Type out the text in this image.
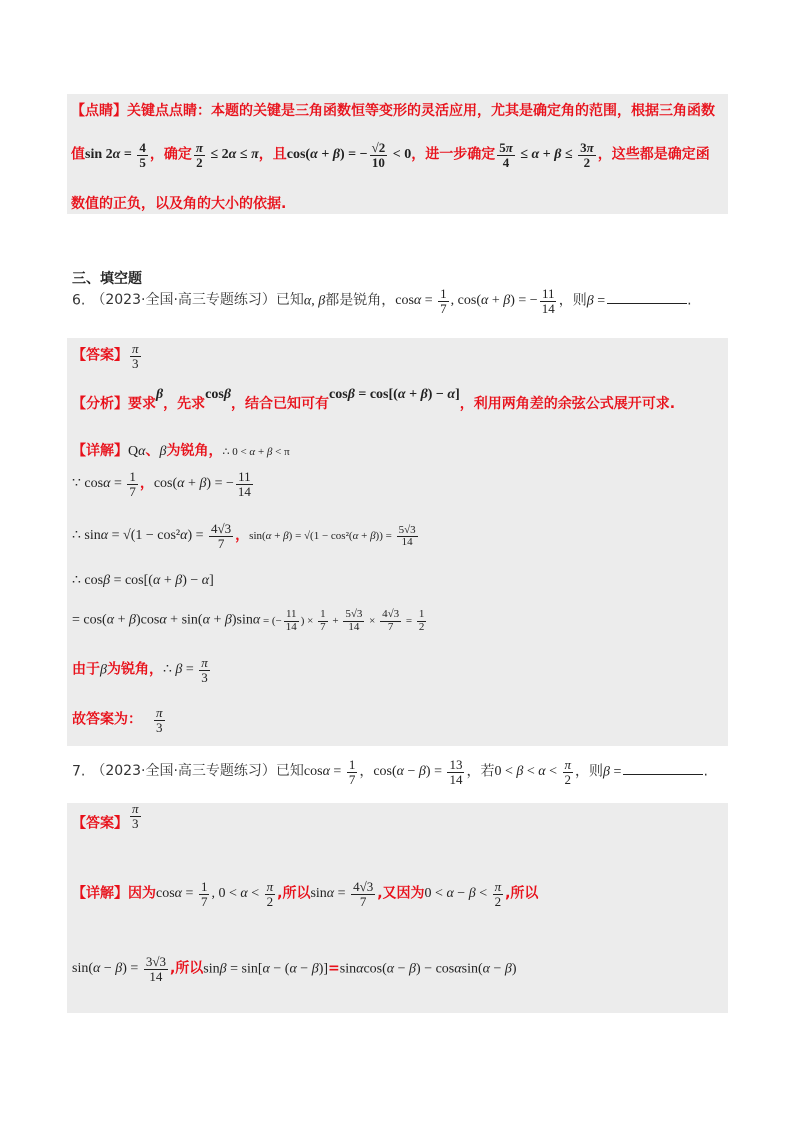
【点睛】关键点点睛：本题的关键是三角函数恒等变形的灵活应用，尤其是确定角的范围，根据三角函数
值$\sin 2\alpha = \frac{4}{5}$ ，确定 $\frac{\pi}{2} \le 2\alpha \le \pi$，且cos(α + β) = − $\frac{√2}{10} < 0$，进一步确定 $\frac{5\pi}{4} \le \alpha + \beta \le \frac{3\pi}{2}$ ，这些都是确定函
数值的正负，以及角的大小的依据.
三、填空题
6. （2023·全国·高三专题练习）已知α, β都是锐角，$\cos\alpha = \frac{1}{7}$ , cos(α + β) = − $\frac{11}{14}$ ，则β =	.
【答案】 $\frac{\pi}{3}$
【分析】要求β，先求cosβ，结合已知可有cosβ = cos[(α + β) − α]，利用两角差的余弦公式展开可求.
【详解】Qα、β为锐角，∴ 0 < α + β < π
∵ $\cos\alpha = \frac{1}{7}$ ，cos(α + β) = − $\frac{11}{14}$
∴ $\sin\alpha = √(1 - \cos^2\alpha) = \frac{4√3}{7}$ ，$\sin(\alpha + \beta) = √(1 - \cos^2(\alpha + \beta)) = \frac{5√3}{14}$
∴ cosβ = cos[(α + β) − α]
= cos(α + β)cosα + sin(α + β)sinα = (− $\frac{11}{14}$ ) × $\frac{1}{7} + \frac{5√3}{14} \times \frac{4√3}{7} = \frac{1}{2}$
由于β为锐角，∴ $\beta = \frac{\pi}{3}$
故答案为： $\frac{\pi}{3}$
7. （2023·全国·高三专题练习）已知$\cos\alpha = \frac{1}{7}$ ，$\cos(\alpha - \beta) = \frac{13}{14}$ ，若$0 < \beta < \alpha < \frac{\pi}{2}$ ，则β =	.
【答案】 $\frac{\pi}{3}$
【详解】因为$\cos\alpha = \frac{1}{7}$ , $0 < \alpha < \frac{\pi}{2}$ ,所以$\sin\alpha = \frac{4√3}{7}$ ,又因为$0 < \alpha - \beta < \frac{\pi}{2}$ ,所以
$\sin(\alpha - \beta) = \frac{3√3}{14}$ ,所以sinβ = sin[α − (α − β)]=sinαcos(α − β) − cosαsin(α − β)
